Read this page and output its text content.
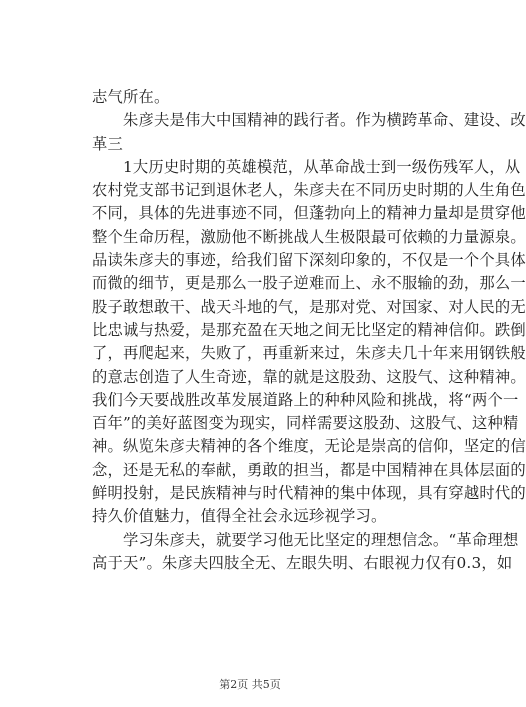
志气所在。
　　朱彦夫是伟大中国精神的践行者。作为横跨革命、建设、改
革三
　　1大历史时期的英雄模范，从革命战士到一级伤残军人，从
农村党支部书记到退休老人，朱彦夫在不同历史时期的人生角色
不同，具体的先进事迹不同，但蓬勃向上的精神力量却是贯穿他
整个生命历程，激励他不断挑战人生极限最可依赖的力量源泉。
品读朱彦夫的事迹，给我们留下深刻印象的，不仅是一个个具体
而微的细节，更是那么一股子逆难而上、永不服输的劲，那么一
股子敢想敢干、战天斗地的气，是那对党、对国家、对人民的无
比忠诚与热爱，是那充盈在天地之间无比坚定的精神信仰。跌倒
了，再爬起来，失败了，再重新来过，朱彦夫几十年来用钢铁般
的意志创造了人生奇迹，靠的就是这股劲、这股气、这种精神。
我们今天要战胜改革发展道路上的种种风险和挑战，将“两个一
百年”的美好蓝图变为现实，同样需要这股劲、这股气、这种精
神。纵览朱彦夫精神的各个维度，无论是崇高的信仰，坚定的信
念，还是无私的奉献，勇敢的担当，都是中国精神在具体层面的
鲜明投射，是民族精神与时代精神的集中体现，具有穿越时代的
持久价值魅力，值得全社会永远珍视学习。
　　学习朱彦夫，就要学习他无比坚定的理想信念。“革命理想
高于天”。朱彦夫四肢全无、左眼失明、右眼视力仅有0.3，如
第2页 共5页
